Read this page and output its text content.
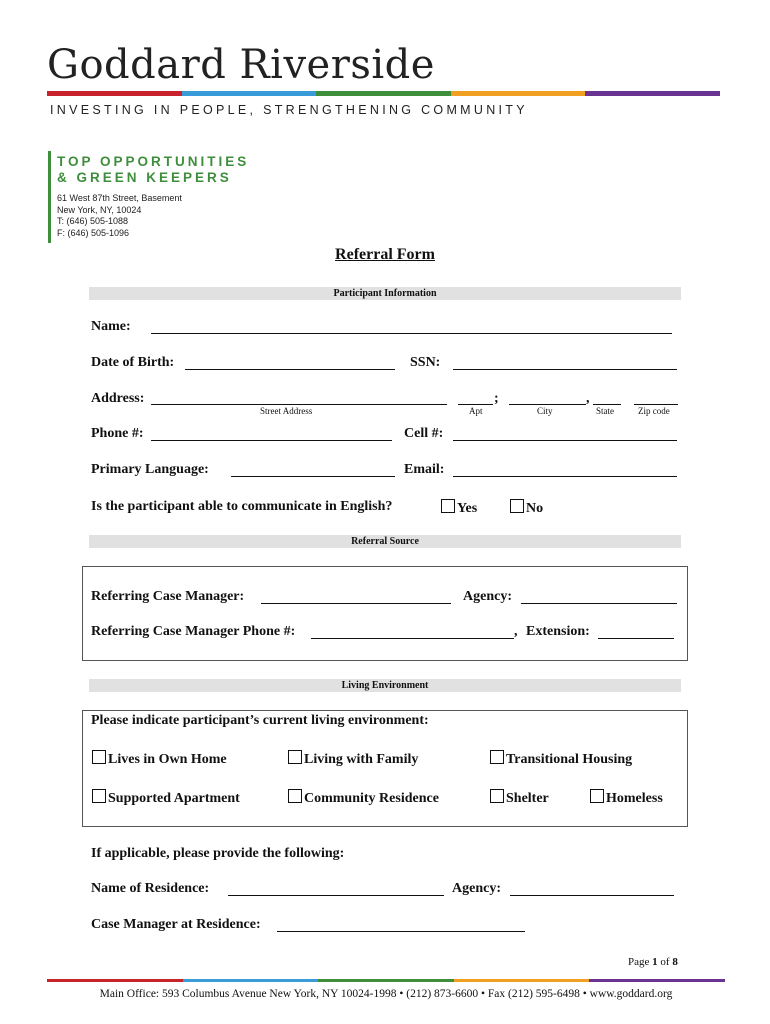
Goddard Riverside
INVESTING IN PEOPLE, STRENGTHENING COMMUNITY
TOP OPPORTUNITIES
& GREEN KEEPERS
61 West 87th Street, Basement
New York, NY, 10024
T: (646) 505-1088
F: (646) 505-1096
Referral Form
Participant Information
Name:
Date of Birth:	SSN:
Address:	;	,
Street Address	Apt	City	State	Zip code
Phone #:	Cell #:
Primary Language:	Email:
Is the participant able to communicate in English?	Yes	No
Referral Source
Referring Case Manager:	Agency:
Referring Case Manager Phone #:	, Extension:
Living Environment
Please indicate participant’s current living environment:
Lives in Own Home	Living with Family	Transitional Housing
Supported Apartment	Community Residence	Shelter	Homeless
If applicable, please provide the following:
Name of Residence:	Agency:
Case Manager at Residence:
Page 1 of 8
Main Office: 593 Columbus Avenue New York, NY 10024-1998 • (212) 873-6600 • Fax (212) 595-6498 • www.goddard.org
